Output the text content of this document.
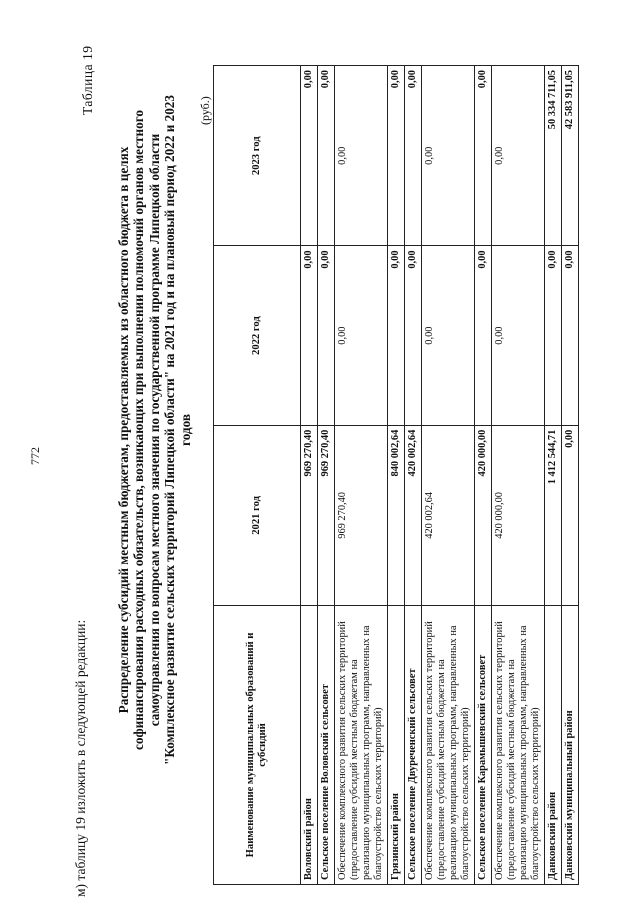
м) таблицу 19 изложить в следующей редакции:
772
Таблица 19
Распределение субсидий местным бюджетам, предоставляемых из областного бюджета в целях софинансирования расходных обязательств, возникающих при выполнении полномочий органов местного самоуправления по вопросам местного значения по государственной программе Липецкой области "Комплексное развитие сельских территорий Липецкой области" на 2021 год и на плановый период 2022 и 2023 годов
(руб.)
Наименование муниципальных образований и субсидий	2021 год	2022 год	2023 год
Воловский район	969 270,40	0,00	0,00
Сельское поселение Воловский сельсовет	969 270,40	0,00	0,00
Обеспечение комплексного развития сельских территорий (предоставление субсидий местным бюджетам на реализацию муниципальных программ, направленных на благоустройство сельских территорий)	969 270,40	0,00	0,00
Грязинский район	840 002,64	0,00	0,00
Сельское поселение Двуреченский сельсовет	420 002,64	0,00	0,00
Обеспечение комплексного развития сельских территорий (предоставление субсидий местным бюджетам на реализацию муниципальных программ, направленных на благоустройство сельских территорий)	420 002,64	0,00	0,00
Сельское поселение Карамышевский сельсовет	420 000,00	0,00	0,00
Обеспечение комплексного развития сельских территорий (предоставление субсидий местным бюджетам на реализацию муниципальных программ, направленных на благоустройство сельских территорий)	420 000,00	0,00	0,00
Данковский район	1 412 544,71	0,00	50 334 711,05
Данковский муниципальный район	0,00	0,00	42 583 911,05
